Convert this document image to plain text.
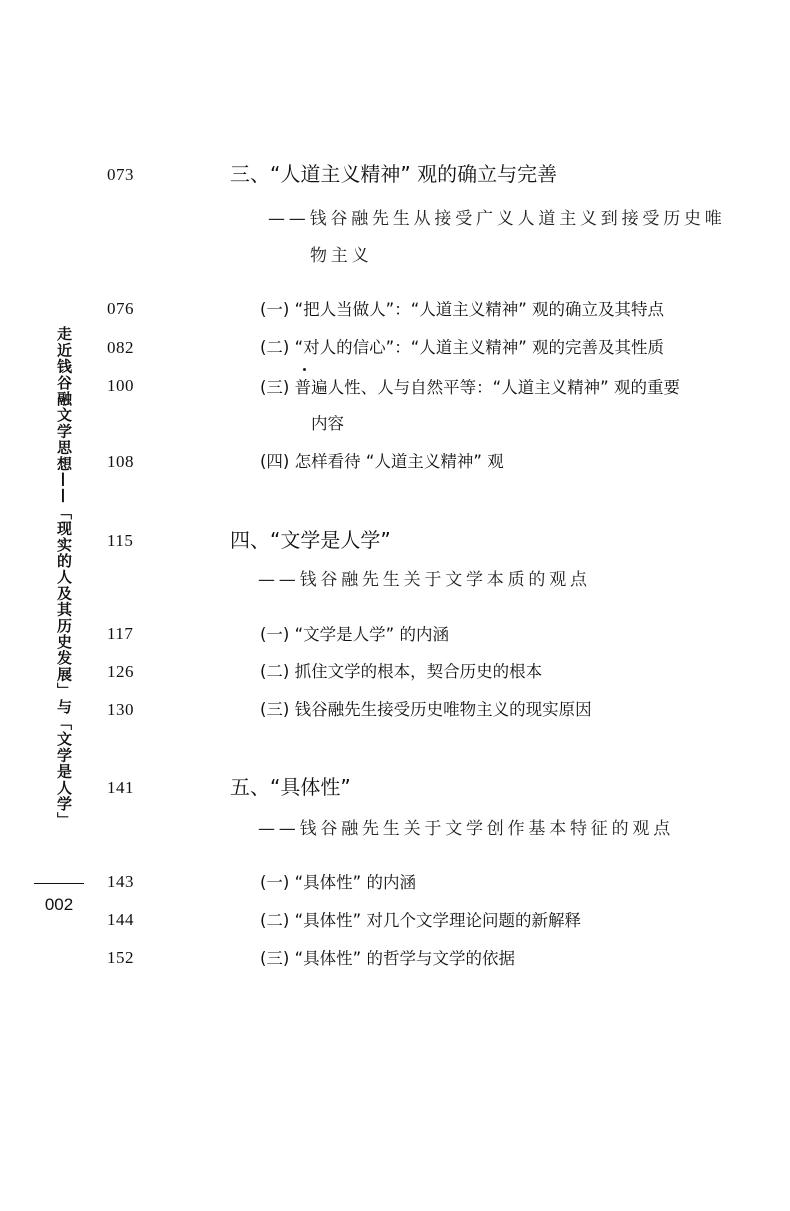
走近钱谷融文学思想——「现实的人及其历史发展」与「文学是人学」
002
073	三、“人道主义精神” 观的确立与完善
——钱谷融先生从接受广义人道主义到接受历史唯
物主义
076	(一) “把人当做人”：“人道主义精神” 观的确立及其特点
082	(二) “对人的信心”：“人道主义精神” 观的完善及其性质
100	(三) 普遍人性、人与自然平等：“人道主义精神” 观的重要
内容
108	(四) 怎样看待 “人道主义精神” 观
115	四、“文学是人学”
——钱谷融先生关于文学本质的观点
117	(一) “文学是人学” 的内涵
126	(二) 抓住文学的根本，契合历史的根本
130	(三) 钱谷融先生接受历史唯物主义的现实原因
141	五、“具体性”
——钱谷融先生关于文学创作基本特征的观点
143	(一) “具体性” 的内涵
144	(二) “具体性” 对几个文学理论问题的新解释
152	(三) “具体性” 的哲学与文学的依据
